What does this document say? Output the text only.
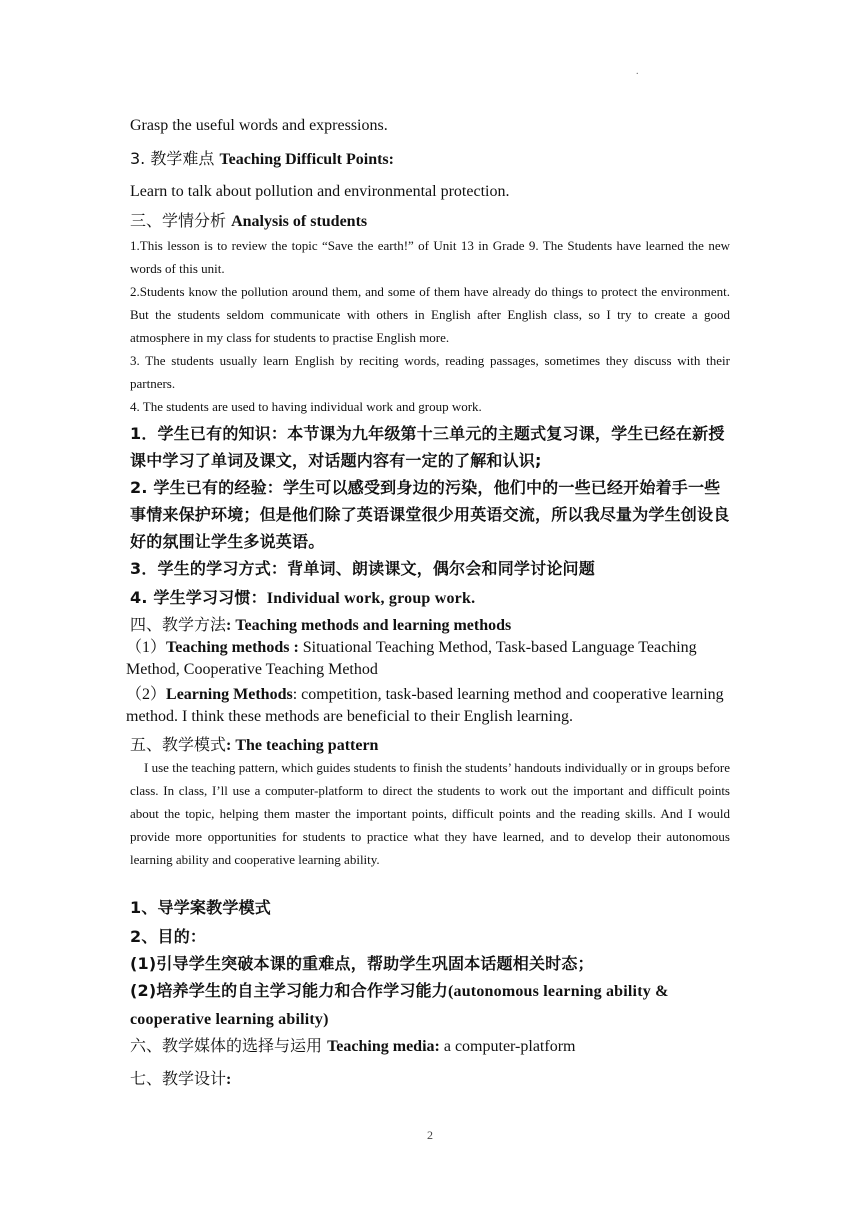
.
Grasp the useful words and expressions.
3. 教学难点 Teaching Difficult Points:
Learn to talk about pollution and environmental protection.
三、学情分析 Analysis of students
1.This lesson is to review the topic “Save the earth!” of Unit 13 in Grade 9. The Students have learned the new words of this unit.
2.Students know the pollution around them, and some of them have already do things to protect the environment. But the students seldom communicate with others in English after English class, so I try to create a good atmosphere in my class for students to practise English more.
3. The students usually learn English by reciting words, reading passages, sometimes they discuss with their partners.
4. The students are used to having individual work and group work.
1．学生已有的知识：本节课为九年级第十三单元的主题式复习课，学生已经在新授课中学习了单词及课文，对话题内容有一定的了解和认识;
2. 学生已有的经验：学生可以感受到身边的污染，他们中的一些已经开始着手一些事情来保护环境；但是他们除了英语课堂很少用英语交流，所以我尽量为学生创设良好的氛围让学生多说英语。
3．学生的学习方式：背单词、朗读课文，偶尔会和同学讨论问题
4. 学生学习习惯：Individual work, group work.
四、教学方法: Teaching methods and learning methods
（1）Teaching methods : Situational Teaching Method, Task-based Language Teaching Method, Cooperative Teaching Method
（2）Learning Methods: competition, task-based learning method and cooperative learning method. I think these methods are beneficial to their English learning.
五、教学模式: The teaching pattern
I use the teaching pattern, which guides students to finish the students’ handouts individually or in groups before class. In class, I’ll use a computer-platform to direct the students to work out the important and difficult points about the topic, helping them master the important points, difficult points and the reading skills. And I would provide more opportunities for students to practice what they have learned, and to develop their autonomous learning ability and cooperative learning ability.
1、导学案教学模式
2、目的：
(1)引导学生突破本课的重难点，帮助学生巩固本话题相关时态；
(2)培养学生的自主学习能力和合作学习能力(autonomous learning ability & cooperative learning ability)
六、教学媒体的选择与运用 Teaching media: a computer-platform
七、教学设计:
2
